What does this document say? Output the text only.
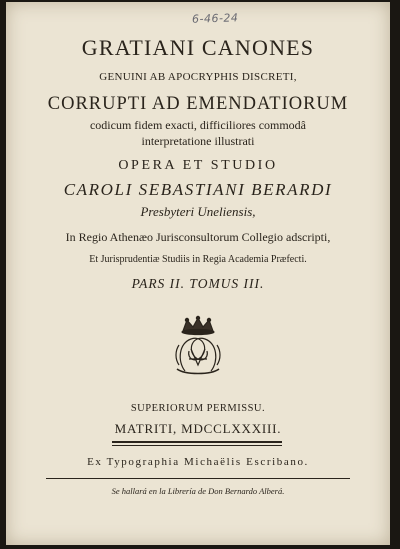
6-46-24
GRATIANI CANONES
GENUINI AB APOCRYPHIS DISCRETI,
CORRUPTI AD EMENDATIORUM
codicum fidem exacti, difficiliores commodâ
interpretatione illustrati
OPERA ET STUDIO
CAROLI SEBASTIANI BERARDI
Presbyteri Uneliensis,
In Regio Athenæo Jurisconsultorum Collegio adscripti,
Et Jurisprudentiæ Studiis in Regia Academia Præfecti.
PARS II. TOMUS III.
SUPERIORUM PERMISSU.
MATRITI, MDCCLXXXIII.
Ex Typographia Michaëlis Escribano.
Se hallará en la Librería de Don Bernardo Alberá.
